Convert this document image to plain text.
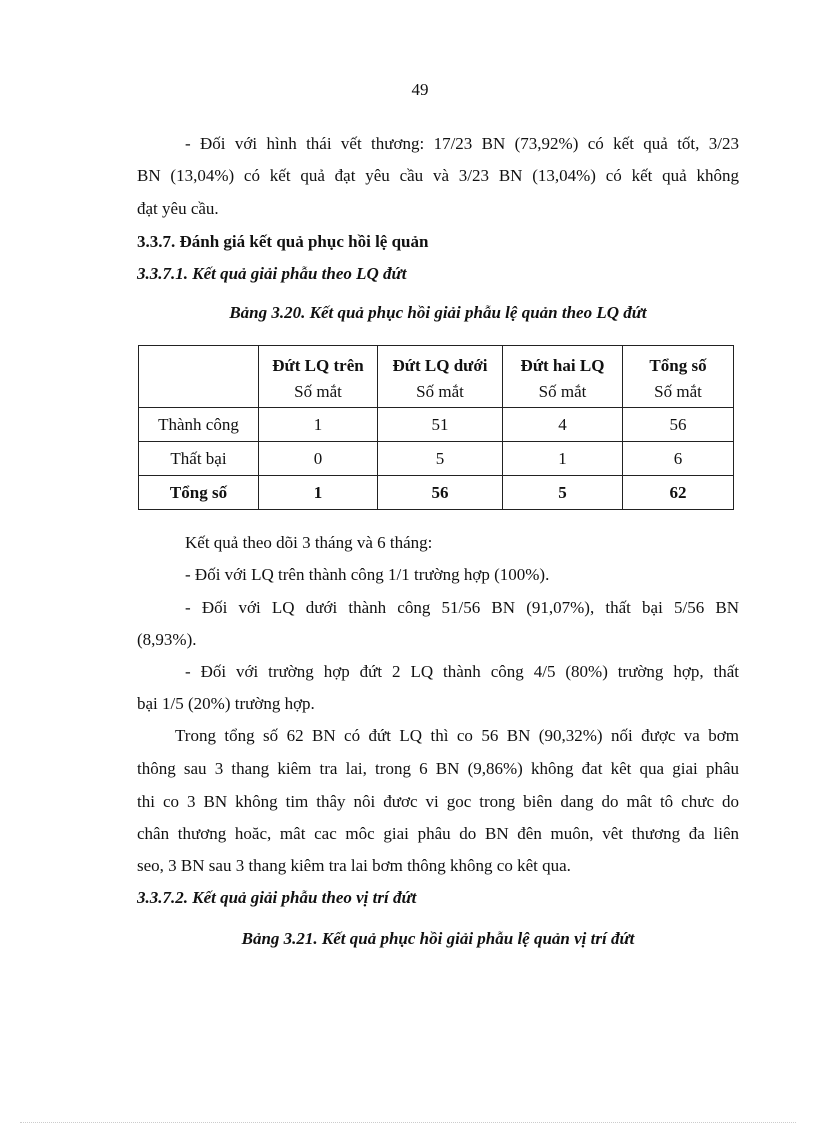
49
- Đối với hình thái vết thương: 17/23 BN (73,92%) có kết quả tốt, 3/23
BN (13,04%) có kết quả đạt yêu cầu và 3/23 BN (13,04%) có kết quả không
đạt yêu cầu.
3.3.7. Đánh giá kết quả phục hồi lệ quản
3.3.7.1. Kết quả giải phẫu theo LQ đứt
Bảng 3.20. Kết quả phục hồi giải phẫu lệ quản theo LQ đứt
	Đứt LQ trên	Đứt LQ dưới	Đứt hai LQ	Tổng số
	Số mắt	Số mắt	Số mắt	Số mắt
Thành công	1	51	4	56
Thất bại	0	5	1	6
Tổng số	1	56	5	62
Kết quả theo dõi 3 tháng và 6 tháng:
- Đối với LQ trên thành công 1/1 trường hợp (100%).
- Đối với LQ dưới thành công 51/56 BN (91,07%), thất bại 5/56 BN
(8,93%).
- Đối với trường hợp đứt 2 LQ thành công 4/5 (80%) trường hợp, thất
bại 1/5 (20%) trường hợp.
Trong tổng số 62 BN có đứt LQ thì co 56 BN (90,32%) nối được va bơm
thông sau 3 thang kiêm tra lai, trong 6 BN (9,86%) không đat kêt qua giai phâu
thi co 3 BN không tim thây nôi đươc vi goc trong biên dang do mât tô chưc do
chân thương hoăc, mât cac môc giai phâu do BN đên muôn, vêt thương đa liên
seo, 3 BN sau 3 thang kiêm tra lai bơm thông không co kêt qua.
3.3.7.2. Kết quả giải phẫu theo vị trí đứt
Bảng 3.21. Kết quả phục hồi giải phẫu lệ quản vị trí đứt
